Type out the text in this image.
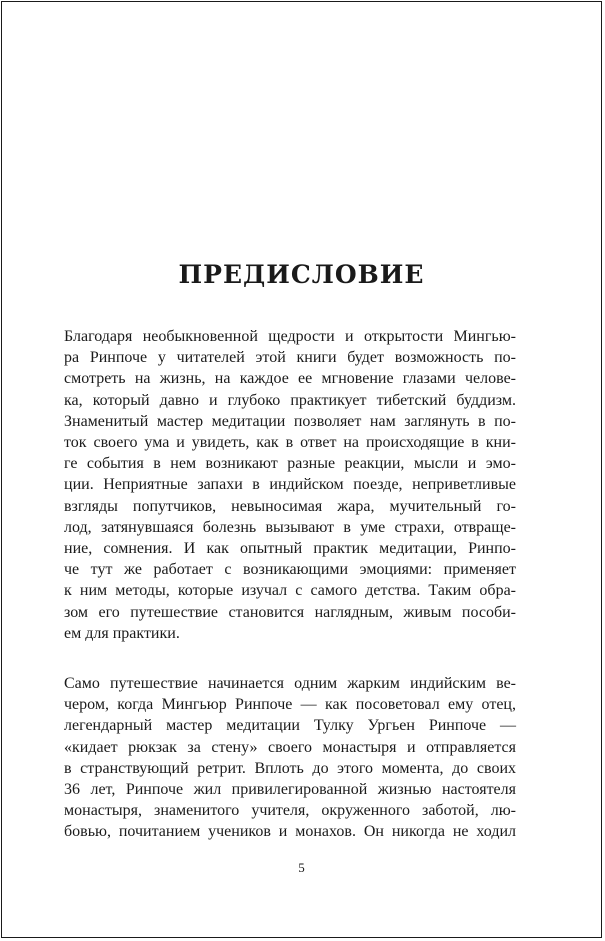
ПРЕДИСЛОВИЕ
Благодаря необыкновенной щедрости и открытости Мингью-
ра Ринпоче у читателей этой книги будет возможность по-
смотреть на жизнь, на каждое ее мгновение глазами челове-
ка, который давно и глубоко практикует тибетский буддизм.
Знаменитый мастер медитации позволяет нам заглянуть в по-
ток своего ума и увидеть, как в ответ на происходящие в кни-
ге события в нем возникают разные реакции, мысли и эмо-
ции. Неприятные запахи в индийском поезде, неприветливые
взгляды попутчиков, невыносимая жара, мучительный го-
лод, затянувшаяся болезнь вызывают в уме страхи, отвраще-
ние, сомнения. И как опытный практик медитации, Ринпо-
че тут же работает с возникающими эмоциями: применяет
к ним методы, которые изучал с самого детства. Таким обра-
зом его путешествие становится наглядным, живым пособи-
ем для практики.
Само путешествие начинается одним жарким индийским ве-
чером, когда Мингьюр Ринпоче — как посоветовал ему отец,
легендарный мастер медитации Тулку Ургьен Ринпоче —
«кидает рюкзак за стену» своего монастыря и отправляется
в странствующий ретрит. Вплоть до этого момента, до своих
36 лет, Ринпоче жил привилегированной жизнью настоятеля
монастыря, знаменитого учителя, окруженного заботой, лю-
бовью, почитанием учеников и монахов. Он никогда не ходил
5
